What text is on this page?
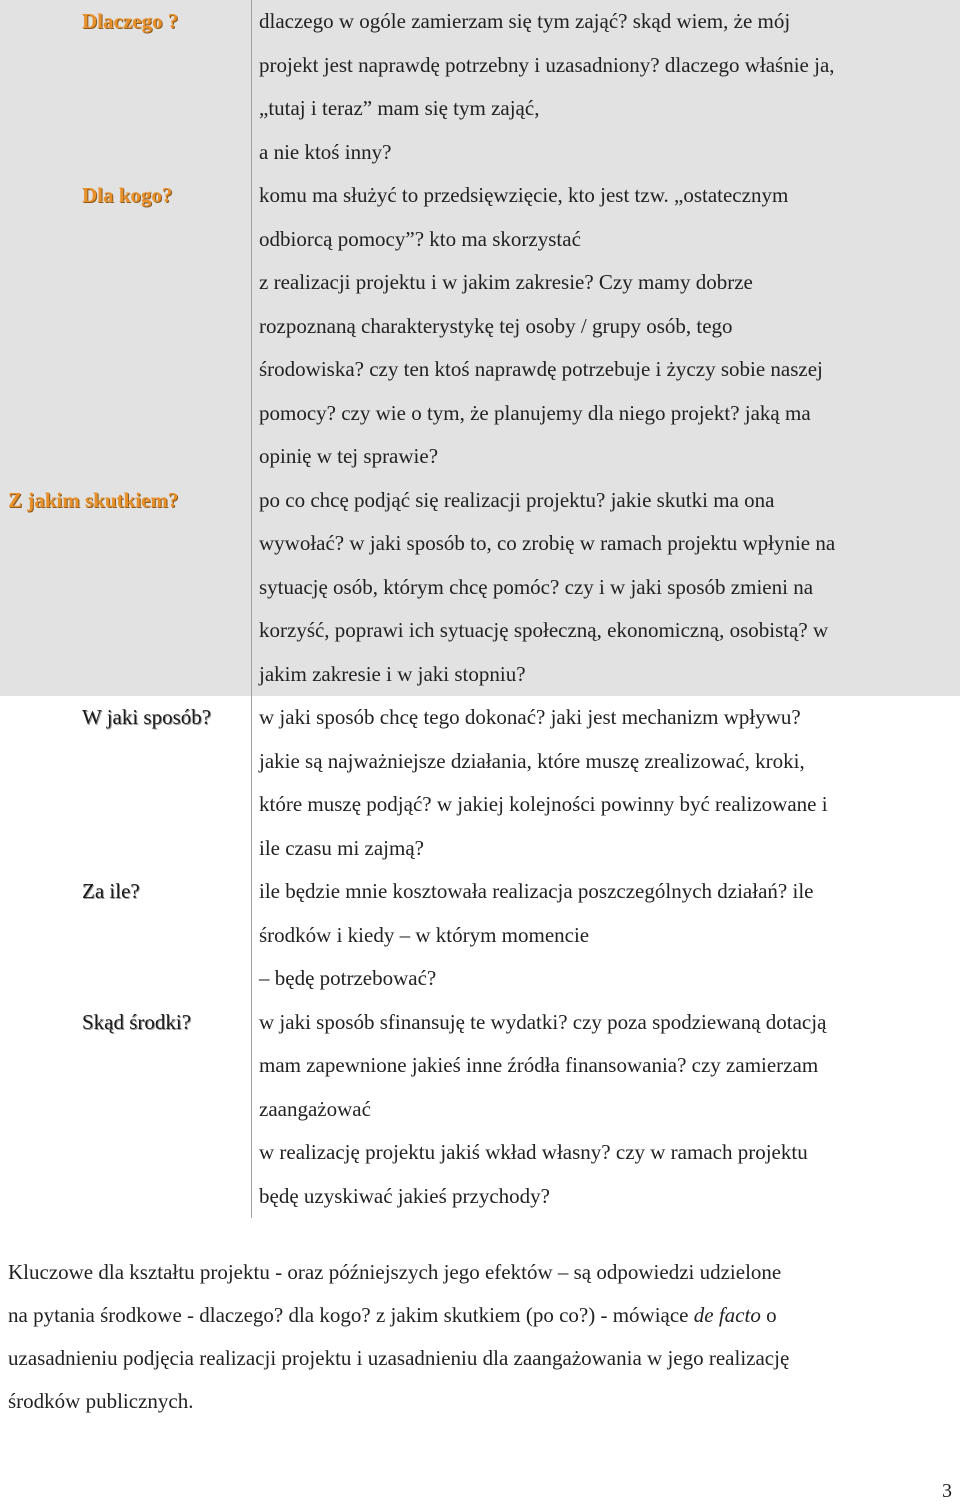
Dlaczego ?	dlaczego w ogóle zamierzam się tym zająć? skąd wiem, że mój
projekt jest naprawdę potrzebny i uzasadniony? dlaczego właśnie ja,
„tutaj i teraz” mam się tym zająć,
a nie ktoś inny?
Dla kogo?	komu ma służyć to przedsięwzięcie, kto jest tzw. „ostatecznym
odbiorcą pomocy”? kto ma skorzystać
z realizacji projektu i w jakim zakresie? Czy mamy dobrze
rozpoznaną charakterystykę tej osoby / grupy osób, tego
środowiska? czy ten ktoś naprawdę potrzebuje i życzy sobie naszej
pomocy? czy wie o tym, że planujemy dla niego projekt? jaką ma
opinię w tej sprawie?
Z jakim skutkiem?	po co chcę podjąć się realizacji projektu? jakie skutki ma ona
wywołać? w jaki sposób to, co zrobię w ramach projektu wpłynie na
sytuację osób, którym chcę pomóc? czy i w jaki sposób zmieni na
korzyść, poprawi ich sytuację społeczną, ekonomiczną, osobistą? w
jakim zakresie i w jaki stopniu?
W jaki sposób?	w jaki sposób chcę tego dokonać? jaki jest mechanizm wpływu?
jakie są najważniejsze działania, które muszę zrealizować, kroki,
które muszę podjąć? w jakiej kolejności powinny być realizowane i
ile czasu mi zajmą?
Za ile?	ile będzie mnie kosztowała realizacja poszczególnych działań? ile
środków i kiedy – w którym momencie
– będę potrzebować?
Skąd środki?	w jaki sposób sfinansuję te wydatki? czy poza spodziewaną dotacją
mam zapewnione jakieś inne źródła finansowania? czy zamierzam
zaangażować
w realizację projektu jakiś wkład własny? czy w ramach projektu
będę uzyskiwać jakieś przychody?
Kluczowe dla kształtu projektu - oraz późniejszych jego efektów – są odpowiedzi udzielone
na pytania środkowe - dlaczego? dla kogo? z jakim skutkiem (po co?) - mówiące de facto o
uzasadnieniu podjęcia realizacji projektu i uzasadnieniu dla zaangażowania w jego realizację
środków publicznych.
3
